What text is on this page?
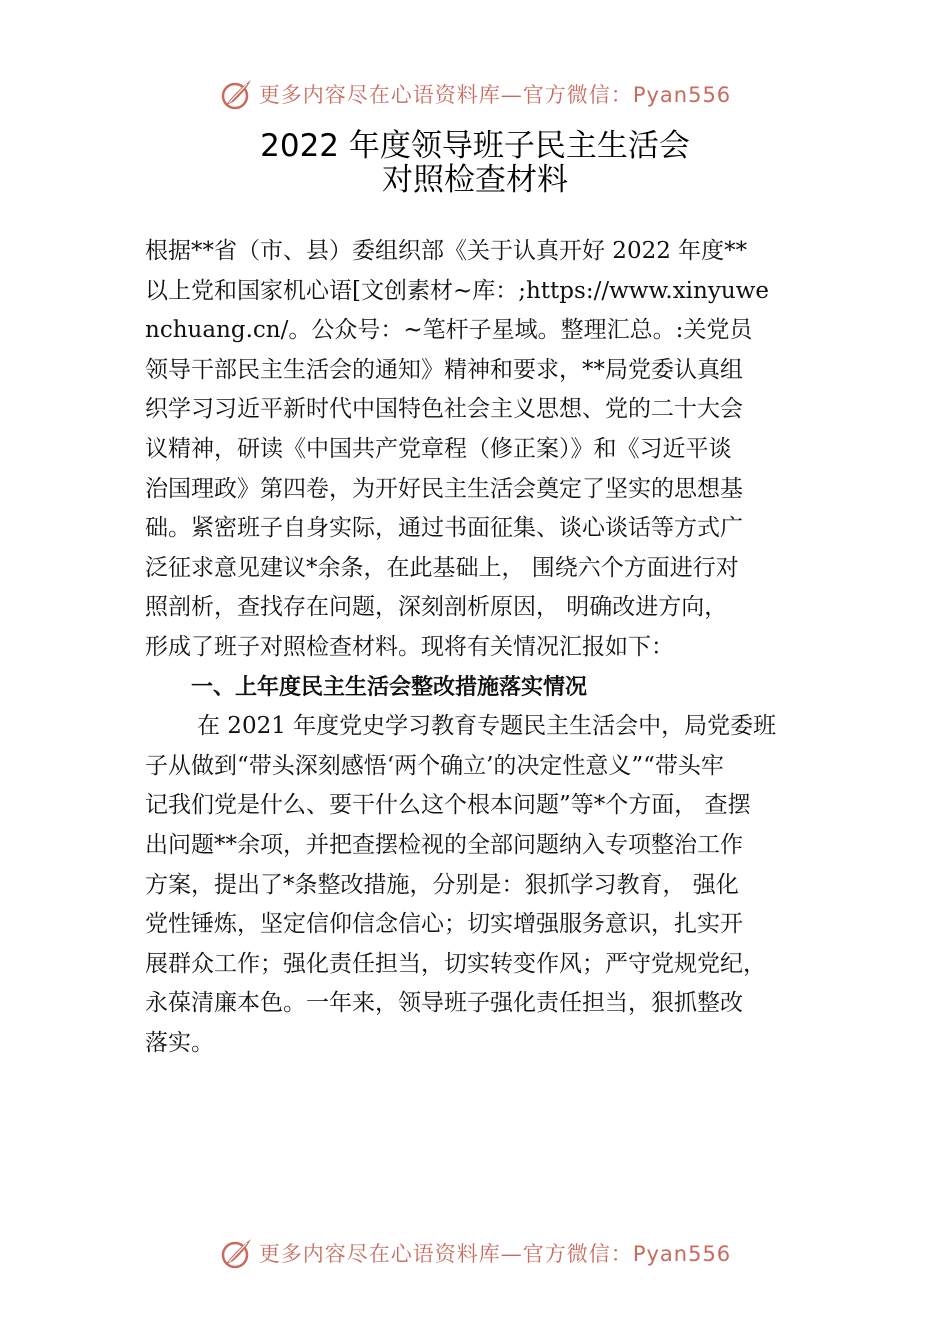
更多内容尽在心语资料库—官方微信：Pyan556
2022 年度领导班子民主生活会
对照检查材料
根据**省（市、县）委组织部《关于认真开好 2022 年度**
以上党和国家机心语[文创素材~库：;https://www.xinyuwe
nchuang.cn/。公众号：~笔杆子星域。整理汇总。:关党员
领导干部民主生活会的通知》精神和要求，**局党委认真组
织学习习近平新时代中国特色社会主义思想、党的二十大会
议精神，研读《中国共产党章程（修正案）》和《习近平谈
治国理政》第四卷，为开好民主生活会奠定了坚实的思想基
础。紧密班子自身实际，通过书面征集、谈心谈话等方式广
泛征求意见建议*余条，在此基础上， 围绕六个方面进行对
照剖析，查找存在问题，深刻剖析原因， 明确改进方向，
形成了班子对照检查材料。现将有关情况汇报如下：
一、上年度民主生活会整改措施落实情况
在 2021 年度党史学习教育专题民主生活会中，局党委班
子从做到“带头深刻感悟‘两个确立’的决定性意义”“带头牢
记我们党是什么、要干什么这个根本问题”等*个方面， 查摆
出问题**余项，并把查摆检视的全部问题纳入专项整治工作
方案，提出了*条整改措施，分别是：狠抓学习教育， 强化
党性锤炼，坚定信仰信念信心；切实增强服务意识，扎实开
展群众工作；强化责任担当，切实转变作风；严守党规党纪，
永葆清廉本色。一年来，领导班子强化责任担当，狠抓整改
落实。
更多内容尽在心语资料库—官方微信：Pyan556
